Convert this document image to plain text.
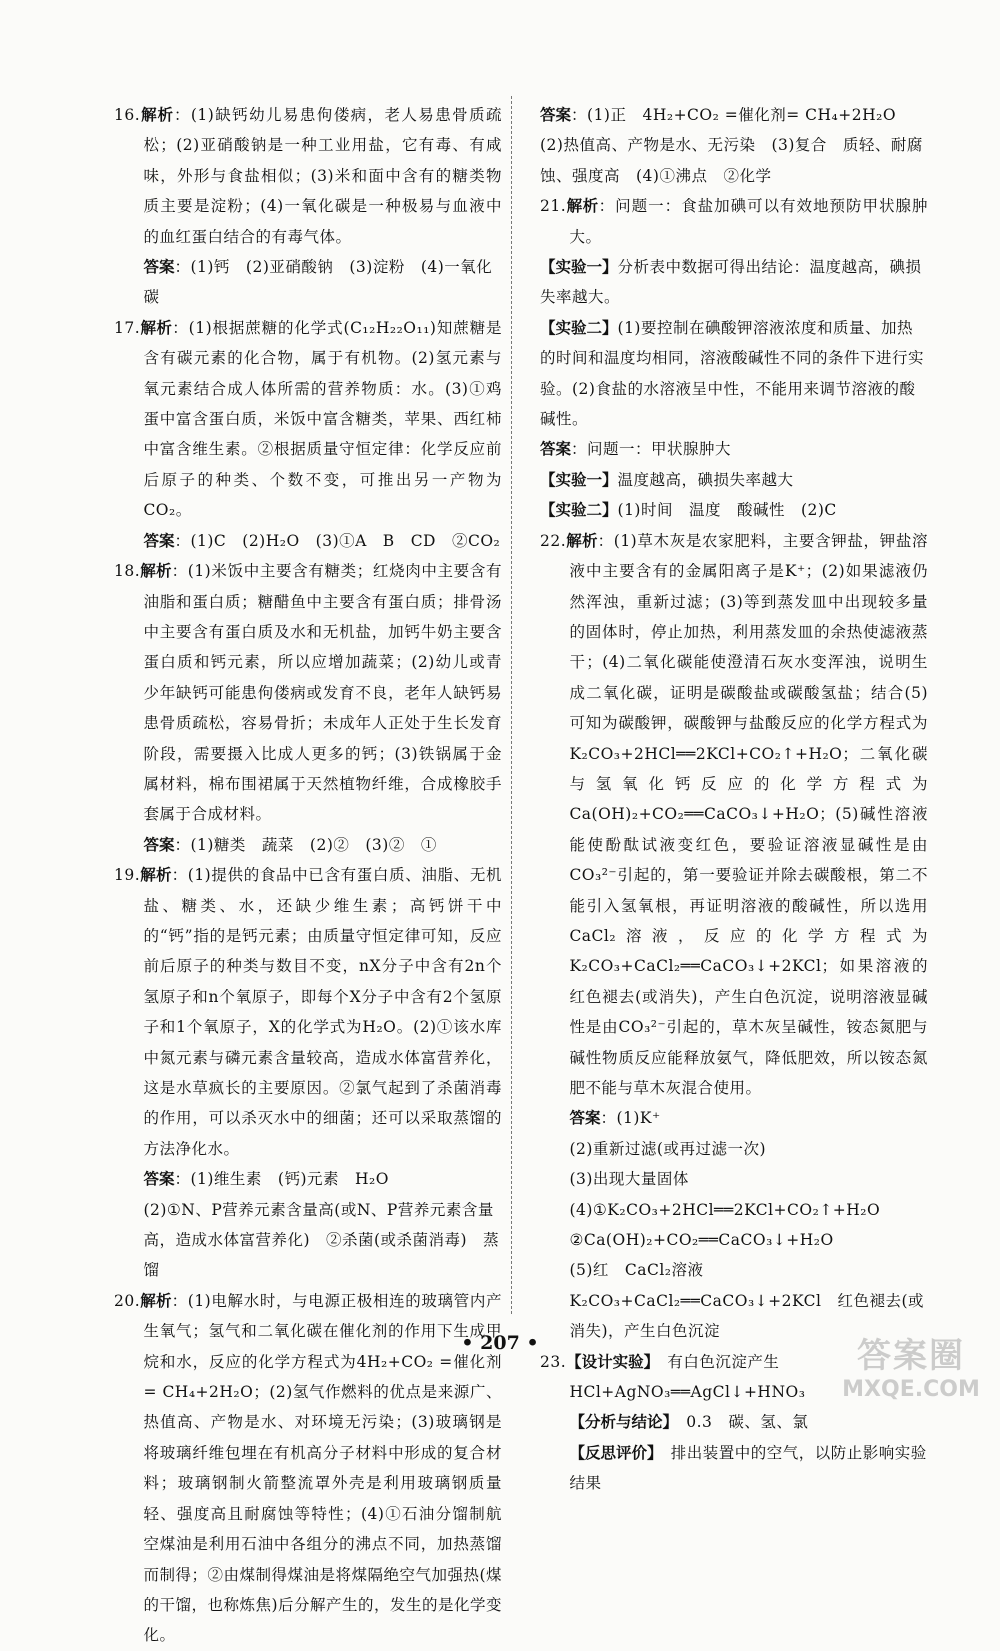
16.解析：(1)缺钙幼儿易患佝偻病，老人易患骨质疏松；(2)亚硝酸钠是一种工业用盐，它有毒、有咸味，外形与食盐相似；(3)米和面中含有的糖类物质主要是淀粉；(4)一氧化碳是一种极易与血液中的血红蛋白结合的有毒气体。

答案：(1)钙　(2)亚硝酸钠　(3)淀粉　(4)一氧化碳

17.解析：(1)根据蔗糖的化学式(C₁₂H₂₂O₁₁)知蔗糖是含有碳元素的化合物，属于有机物。(2)氢元素与氧元素结合成人体所需的营养物质：水。(3)①鸡蛋中富含蛋白质，米饭中富含糖类，苹果、西红柿中富含维生素。②根据质量守恒定律：化学反应前后原子的种类、个数不变，可推出另一产物为CO₂。

答案：(1)C　(2)H₂O　(3)①A　B　CD　②CO₂

18.解析：(1)米饭中主要含有糖类；红烧肉中主要含有油脂和蛋白质；糖醋鱼中主要含有蛋白质；排骨汤中主要含有蛋白质及水和无机盐，加钙牛奶主要含蛋白质和钙元素，所以应增加蔬菜；(2)幼儿或青少年缺钙可能患佝偻病或发育不良，老年人缺钙易患骨质疏松，容易骨折；未成年人正处于生长发育阶段，需要摄入比成人更多的钙；(3)铁锅属于金属材料，棉布围裙属于天然植物纤维，合成橡胶手套属于合成材料。

答案：(1)糖类　蔬菜　(2)②　(3)②　①

19.解析：(1)提供的食品中已含有蛋白质、油脂、无机盐、糖类、水，还缺少维生素；高钙饼干中的“钙”指的是钙元素；由质量守恒定律可知，反应前后原子的种类与数目不变，nX分子中含有2n个氢原子和n个氧原子，即每个X分子中含有2个氢原子和1个氧原子，X的化学式为H₂O。(2)①该水库中氮元素与磷元素含量较高，造成水体富营养化，这是水草疯长的主要原因。②氯气起到了杀菌消毒的作用，可以杀灭水中的细菌；还可以采取蒸馏的方法净化水。

答案：(1)维生素　(钙)元素　H₂O

(2)①N、P营养元素含量高(或N、P营养元素含量高，造成水体富营养化)　②杀菌(或杀菌消毒)　蒸馏

20.解析：(1)电解水时，与电源正极相连的玻璃管内产生氧气；氢气和二氧化碳在催化剂的作用下生成甲烷和水，反应的化学方程式为4H₂+CO₂ =催化剂= CH₄+2H₂O；(2)氢气作燃料的优点是来源广、热值高、产物是水、对环境无污染；(3)玻璃钢是将玻璃纤维包埋在有机高分子材料中形成的复合材料；玻璃钢制火箭整流罩外壳是利用玻璃钢质量轻、强度高且耐腐蚀等特性；(4)①石油分馏制航空煤油是利用石油中各组分的沸点不同，加热蒸馏而制得；②由煤制得煤油是将煤隔绝空气加强热(煤的干馏，也称炼焦)后分解产生的，发生的是化学变化。

答案：(1)正　4H₂+CO₂ =催化剂= CH₄+2H₂O

(2)热值高、产物是水、无污染　(3)复合　质轻、耐腐蚀、强度高　(4)①沸点　②化学

21.解析：问题一：食盐加碘可以有效地预防甲状腺肿大。

【实验一】分析表中数据可得出结论：温度越高，碘损失率越大。

【实验二】(1)要控制在碘酸钾溶液浓度和质量、加热的时间和温度均相同，溶液酸碱性不同的条件下进行实验。(2)食盐的水溶液呈中性，不能用来调节溶液的酸碱性。

答案：问题一：甲状腺肿大

【实验一】温度越高，碘损失率越大

【实验二】(1)时间　温度　酸碱性　(2)C

22.解析：(1)草木灰是农家肥料，主要含钾盐，钾盐溶液中主要含有的金属阳离子是K⁺；(2)如果滤液仍然浑浊，重新过滤；(3)等到蒸发皿中出现较多量的固体时，停止加热，利用蒸发皿的余热使滤液蒸干；(4)二氧化碳能使澄清石灰水变浑浊，说明生成二氧化碳，证明是碳酸盐或碳酸氢盐；结合(5)可知为碳酸钾，碳酸钾与盐酸反应的化学方程式为K₂CO₃+2HCl══2KCl+CO₂↑+H₂O；二氧化碳与氢氧化钙反应的化学方程式为Ca(OH)₂+CO₂══CaCO₃↓+H₂O；(5)碱性溶液能使酚酞试液变红色，要验证溶液显碱性是由CO₃²⁻引起的，第一要验证并除去碳酸根，第二不能引入氢氧根，再证明溶液的酸碱性，所以选用CaCl₂溶液，反应的化学方程式为K₂CO₃+CaCl₂══CaCO₃↓+2KCl；如果溶液的红色褪去(或消失)，产生白色沉淀，说明溶液显碱性是由CO₃²⁻引起的，草木灰呈碱性，铵态氮肥与碱性物质反应能释放氨气，降低肥效，所以铵态氮肥不能与草木灰混合使用。

答案：(1)K⁺

(2)重新过滤(或再过滤一次)

(3)出现大量固体

(4)①K₂CO₃+2HCl══2KCl+CO₂↑+H₂O

②Ca(OH)₂+CO₂══CaCO₃↓+H₂O

(5)红　CaCl₂溶液　K₂CO₃+CaCl₂══CaCO₃↓+2KCl　红色褪去(或消失)，产生白色沉淀

23.【设计实验】　有白色沉淀产生

HCl+AgNO₃══AgCl↓+HNO₃

【分析与结论】　0.3　碳、氢、氯

【反思评价】　排出装置中的空气，以防止影响实验结果

• 207 •	答案圈
MXQE.COM
